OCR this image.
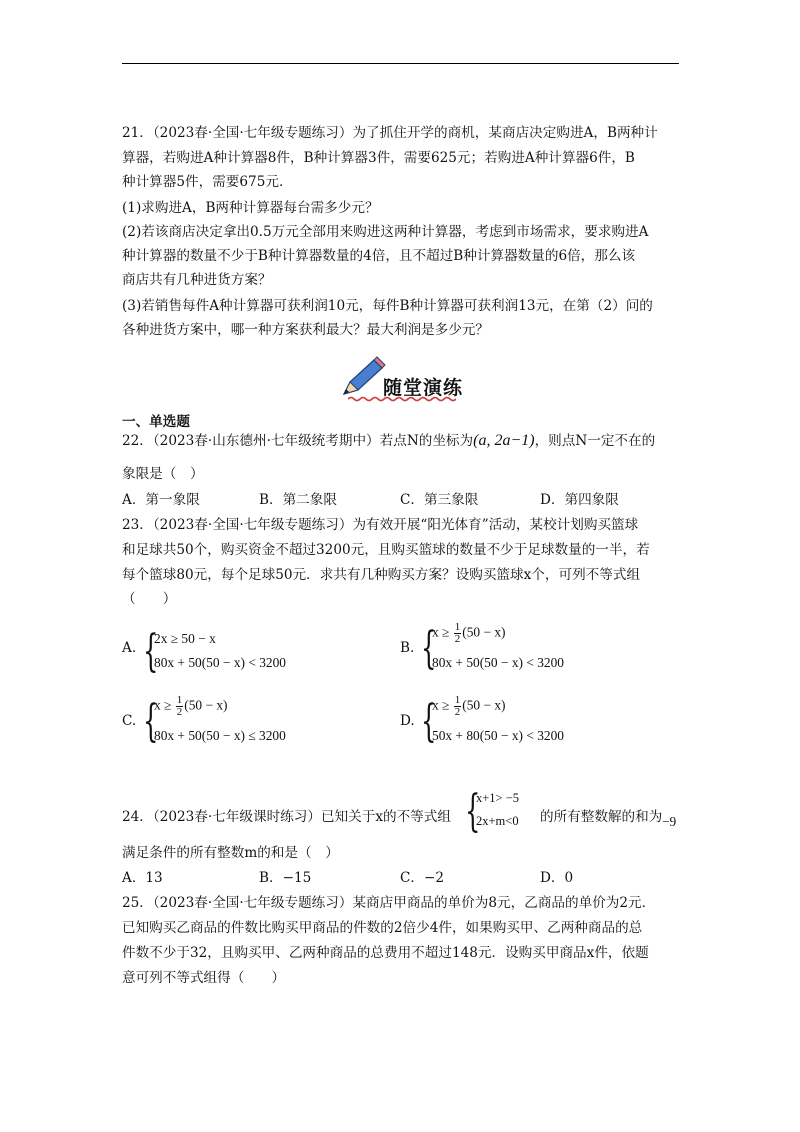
21．（2023春·全国·七年级专题练习）为了抓住开学的商机，某商店决定购进A，B两种计
算器，若购进A种计算器8件，B种计算器3件，需要625元；若购进A种计算器6件，B
种计算器5件，需要675元．
(1)求购进A，B两种计算器每台需多少元？
(2)若该商店决定拿出0.5万元全部用来购进这两种计算器，考虑到市场需求，要求购进A
种计算器的数量不少于B种计算器数量的4倍，且不超过B种计算器数量的6倍，那么该
商店共有几种进货方案？
(3)若销售每件A种计算器可获利润10元，每件B种计算器可获利润13元，在第（2）问的
各种进货方案中，哪一种方案获利最大？最大利润是多少元？
随堂演练
一、单选题
22．（2023春·山东德州·七年级统考期中）若点N的坐标为(a, 2a−1)，则点N一定不在的
象限是（　）
A．第一象限	B．第二象限	C．第三象限	D．第四象限
23．（2023春·全国·七年级专题练习）为有效开展“阳光体育”活动，某校计划购买篮球
和足球共50个，购买资金不超过3200元，且购买篮球的数量不少于足球数量的一半，若
每个篮球80元，每个足球50元．求共有几种购买方案？设购买篮球x个，可列不等式组
（　　）
A. {
2x ≥ 50 − x
80x + 50(50 − x) < 3200
B. {
$x \ge \frac{1}{2} (50 - x)$
80x + 50(50 − x) < 3200
C. {
$x \ge \frac{1}{2} (50 - x)$
80x + 50(50 − x) ≤ 3200
D. {
$x \ge \frac{1}{2} (50 - x)$
50x + 80(50 − x) < 3200
24．（2023春·七年级课时练习）已知关于x的不等式组 {
x+1> −5
2x+m<0 的所有整数解的和为 −9
满足条件的所有整数m的和是（　）
A．13	B．−15	C．−2	D．0
25．（2023春·全国·七年级专题练习）某商店甲商品的单价为8元，乙商品的单价为2元．
已知购买乙商品的件数比购买甲商品的件数的2倍少4件，如果购买甲、乙两种商品的总
件数不少于32，且购买甲、乙两种商品的总费用不超过148元．设购买甲商品x件，依题
意可列不等式组得（　　）
